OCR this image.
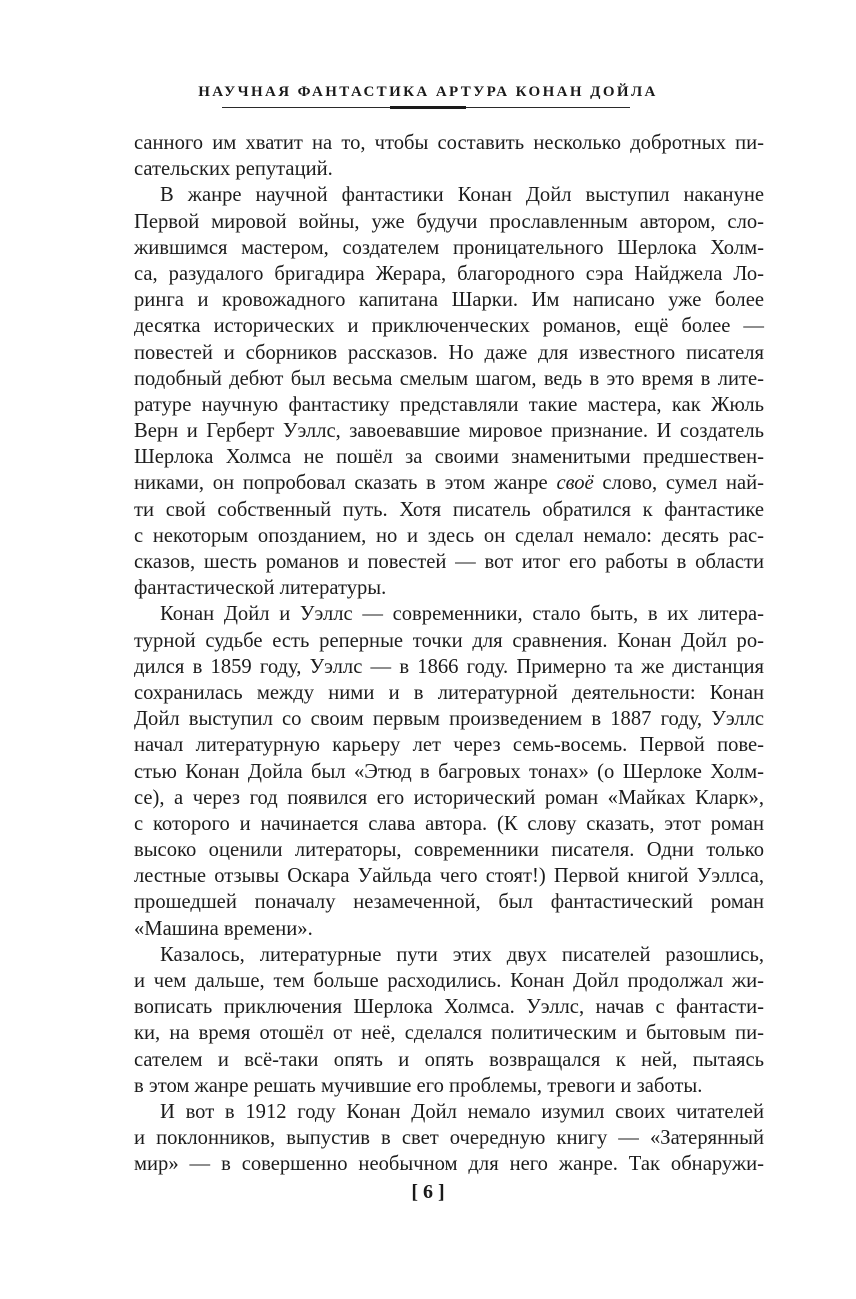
НАУЧНАЯ ФАНТАСТИКА АРТУРА КОНАН ДОЙЛА
санного им хватит на то, чтобы составить несколько добротных пи-
сательских репутаций.
В жанре научной фантастики Конан Дойл выступил накануне
Первой мировой войны, уже будучи прославленным автором, сло-
жившимся мастером, создателем проницательного Шерлока Холм-
са, разудалого бригадира Жерара, благородного сэра Найджела Ло-
ринга и кровожадного капитана Шарки. Им написано уже более
десятка исторических и приключенческих романов, ещё более —
повестей и сборников рассказов. Но даже для известного писателя
подобный дебют был весьма смелым шагом, ведь в это время в лите-
ратуре научную фантастику представляли такие мастера, как Жюль
Верн и Герберт Уэллс, завоевавшие мировое признание. И создатель
Шерлока Холмса не пошёл за своими знаменитыми предшествен-
никами, он попробовал сказать в этом жанре своё слово, сумел най-
ти свой собственный путь. Хотя писатель обратился к фантастике
с некоторым опозданием, но и здесь он сделал немало: десять рас-
сказов, шесть романов и повестей — вот итог его работы в области
фантастической литературы.
Конан Дойл и Уэллс — современники, стало быть, в их литера-
турной судьбе есть реперные точки для сравнения. Конан Дойл ро-
дился в 1859 году, Уэллс — в 1866 году. Примерно та же дистанция
сохранилась между ними и в литературной деятельности: Конан
Дойл выступил со своим первым произведением в 1887 году, Уэллс
начал литературную карьеру лет через семь-восемь. Первой пове-
стью Конан Дойла был «Этюд в багровых тонах» (о Шерлоке Холм-
се), а через год появился его исторический роман «Майках Кларк»,
с которого и начинается слава автора. (К слову сказать, этот роман
высоко оценили литераторы, современники писателя. Одни только
лестные отзывы Оскара Уайльда чего стоят!) Первой книгой Уэллса,
прошедшей поначалу незамеченной, был фантастический роман
«Машина времени».
Казалось, литературные пути этих двух писателей разошлись,
и чем дальше, тем больше расходились. Конан Дойл продолжал жи-
вописать приключения Шерлока Холмса. Уэллс, начав с фантасти-
ки, на время отошёл от неё, сделался политическим и бытовым пи-
сателем и всё-таки опять и опять возвращался к ней, пытаясь
в этом жанре решать мучившие его проблемы, тревоги и заботы.
И вот в 1912 году Конан Дойл немало изумил своих читателей
и поклонников, выпустив в свет очередную книгу — «Затерянный
мир» — в совершенно необычном для него жанре. Так обнаружи-
[ 6 ]
